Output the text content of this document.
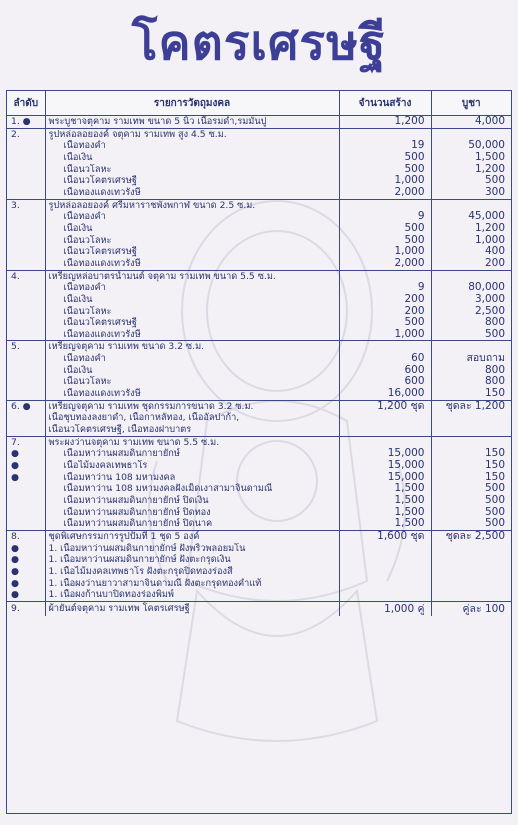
โคตรเศรษฐี
ลำดับ	รายการวัตถุมงคล	จำนวนสร้าง	บูชา
1. ●	พระบูชาจตุคาม รามเทพ ขนาด 5 นิ้ว เนื้อรมดำ,รมมันปู	1,200	4,000
2.	รูปหล่อลอยองค์ จตุคาม รามเทพ สูง 4.5 ซ.ม.		
	เนื้อทองคำ	19	50,000
	เนื้อเงิน	500	1,500
	เนื้อนวโลหะ	500	1,200
	เนื้อนวโคตรเศรษฐี	1,000	500
	เนื้อทองแดงเทวรังษี	2,000	300
3.	รูปหล่อลอยองค์ ศรีมหาราชพังพกาฬ ขนาด 2.5 ซ.ม.		
	เนื้อทองคำ	9	45,000
	เนื้อเงิน	500	1,200
	เนื้อนวโลหะ	500	1,000
	เนื้อนวโคตรเศรษฐี	1,000	400
	เนื้อทองแดงเทวรังษี	2,000	200
4.	เหรียญหล่อบาตรน้ำมนต์ จตุคาม รามเทพ ขนาด 5.5 ซ.ม.		
	เนื้อทองคำ	9	80,000
	เนื้อเงิน	200	3,000
	เนื้อนวโลหะ	200	2,500
	เนื้อนวโคตรเศรษฐี	500	800
	เนื้อทองแดงเทวรังษี	1,000	500
5.	เหรียญจตุคาม รามเทพ ขนาด 3.2 ซ.ม.		
	เนื้อทองคำ	60	สอบถาม
	เนื้อเงิน	600	800
	เนื้อนวโลหะ	600	800
	เนื้อทองแดงเทวรังษี	16,000	150
6. ●	เหรียญจตุคาม รามเทพ ชุดกรรมการขนาด 3.2 ซ.ม.	1,200 ชุด	ชุดละ 1,200
	เนื้อชุบทองลงยาดำ, เนื้อกาหลั่ทอง, เนื้ออัลปาก้า,		
	เนื้อนวโคตรเศรษฐี, เนื้อทองฝาบาตร		
7.	พระผงว่านจตุคาม รามเทพ ขนาด 5.5 ซ.ม.		
●	เนื้อมหาว่านผสมดินกายายักษ์	15,000	150
●	เนื้อไม้มงคลเทพธาโร	15,000	150
●	เนื้อมหาว่าน 108 มหามงคล	15,000	150
	เนื้อมหาว่าน 108 มหามงคลฝังเม็ดเงาสามาจินดามณี	1,500	500
	เนื้อมหาว่านผสมดินกายายักษ์ ปิดเงิน	1,500	500
	เนื้อมหาว่านผสมดินกายายักษ์ ปิดทอง	1,500	500
	เนื้อมหาว่านผสมดินกายายักษ์ ปิดนาค	1,500	500
8.	ชุดพิเศษกรรมการรูปปั้มที่ 1 ชุด 5 องค์	1,600 ชุด	ชุดละ 2,500
●	1. เนื้อมหาว่านผสมดินกายายักษ์ ฝังพริ้วพลอยมโน		
●	1. เนื้อมหาว่านผสมดินกายายักษ์ ฝังตะกรุดเงิน		
●	1. เนื้อไม้มงคลเทพธาโร ฝังตะกรุดปิดทองร่องสี		
●	1. เนื้อผงว่านยาวาสามาจินดามณี ฝังตะกรุดทองคำแท้		
●	1. เนื้อผงก้านบาปิดทองร่องพิมพ์		
9.	ผ้ายันต์จตุคาม รามเทพ โคตรเศรษฐี	1,000 คู่	คู่ละ 100
